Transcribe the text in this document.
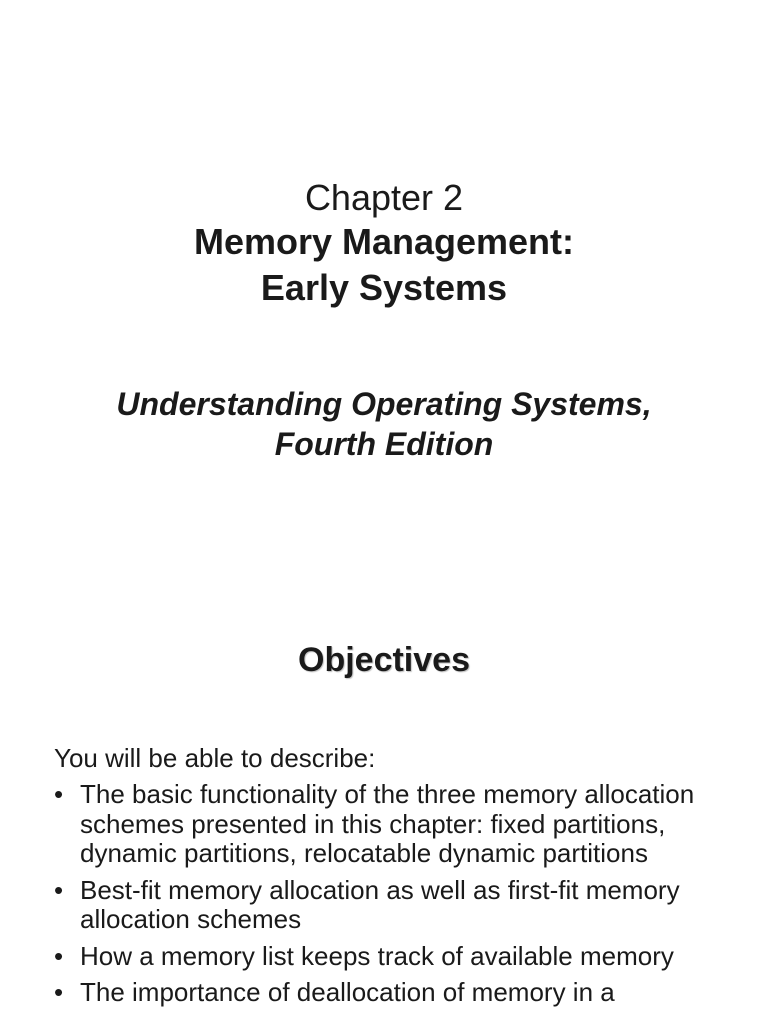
Chapter 2
Memory Management:
Early Systems
Understanding Operating Systems,
Fourth Edition
Objectives
You will be able to describe:
• The basic functionality of the three memory allocation schemes presented in this chapter: fixed partitions, dynamic partitions, relocatable dynamic partitions
• Best-fit memory allocation as well as first-fit memory allocation schemes
• How a memory list keeps track of available memory
• The importance of deallocation of memory in a
